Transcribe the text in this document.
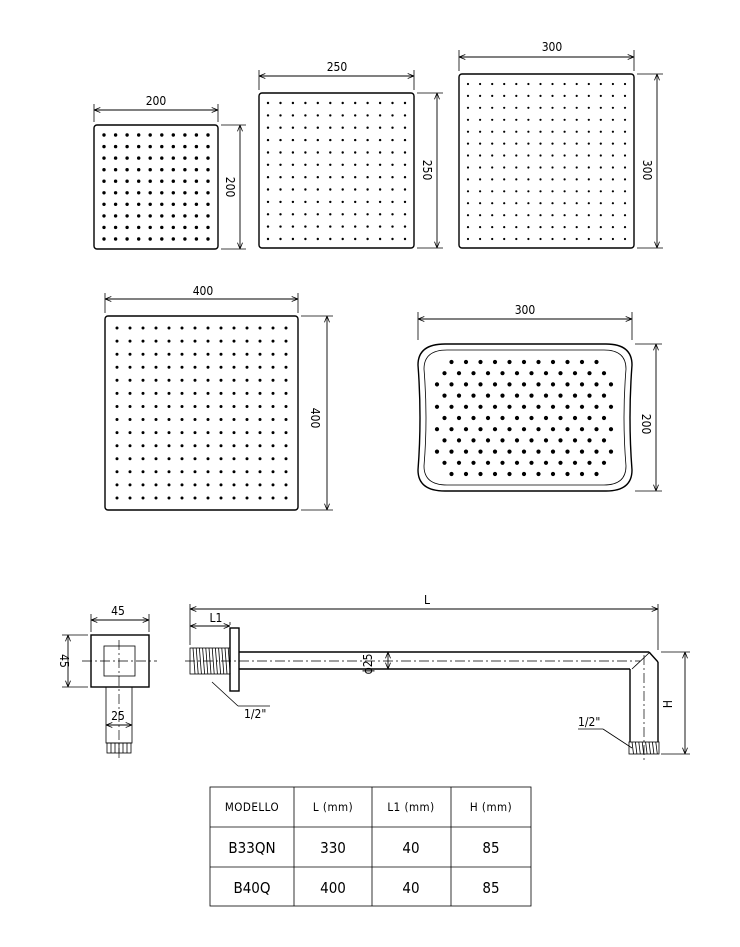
200
200
250
250
300
300
400
400
300
200
45
45
25
L
L1
ϕ25
H
1/2"
1/2"
MODELLO	L (mm)	L1 (mm)	H (mm)
B33QN	330	40	85
B40Q	400	40	85
